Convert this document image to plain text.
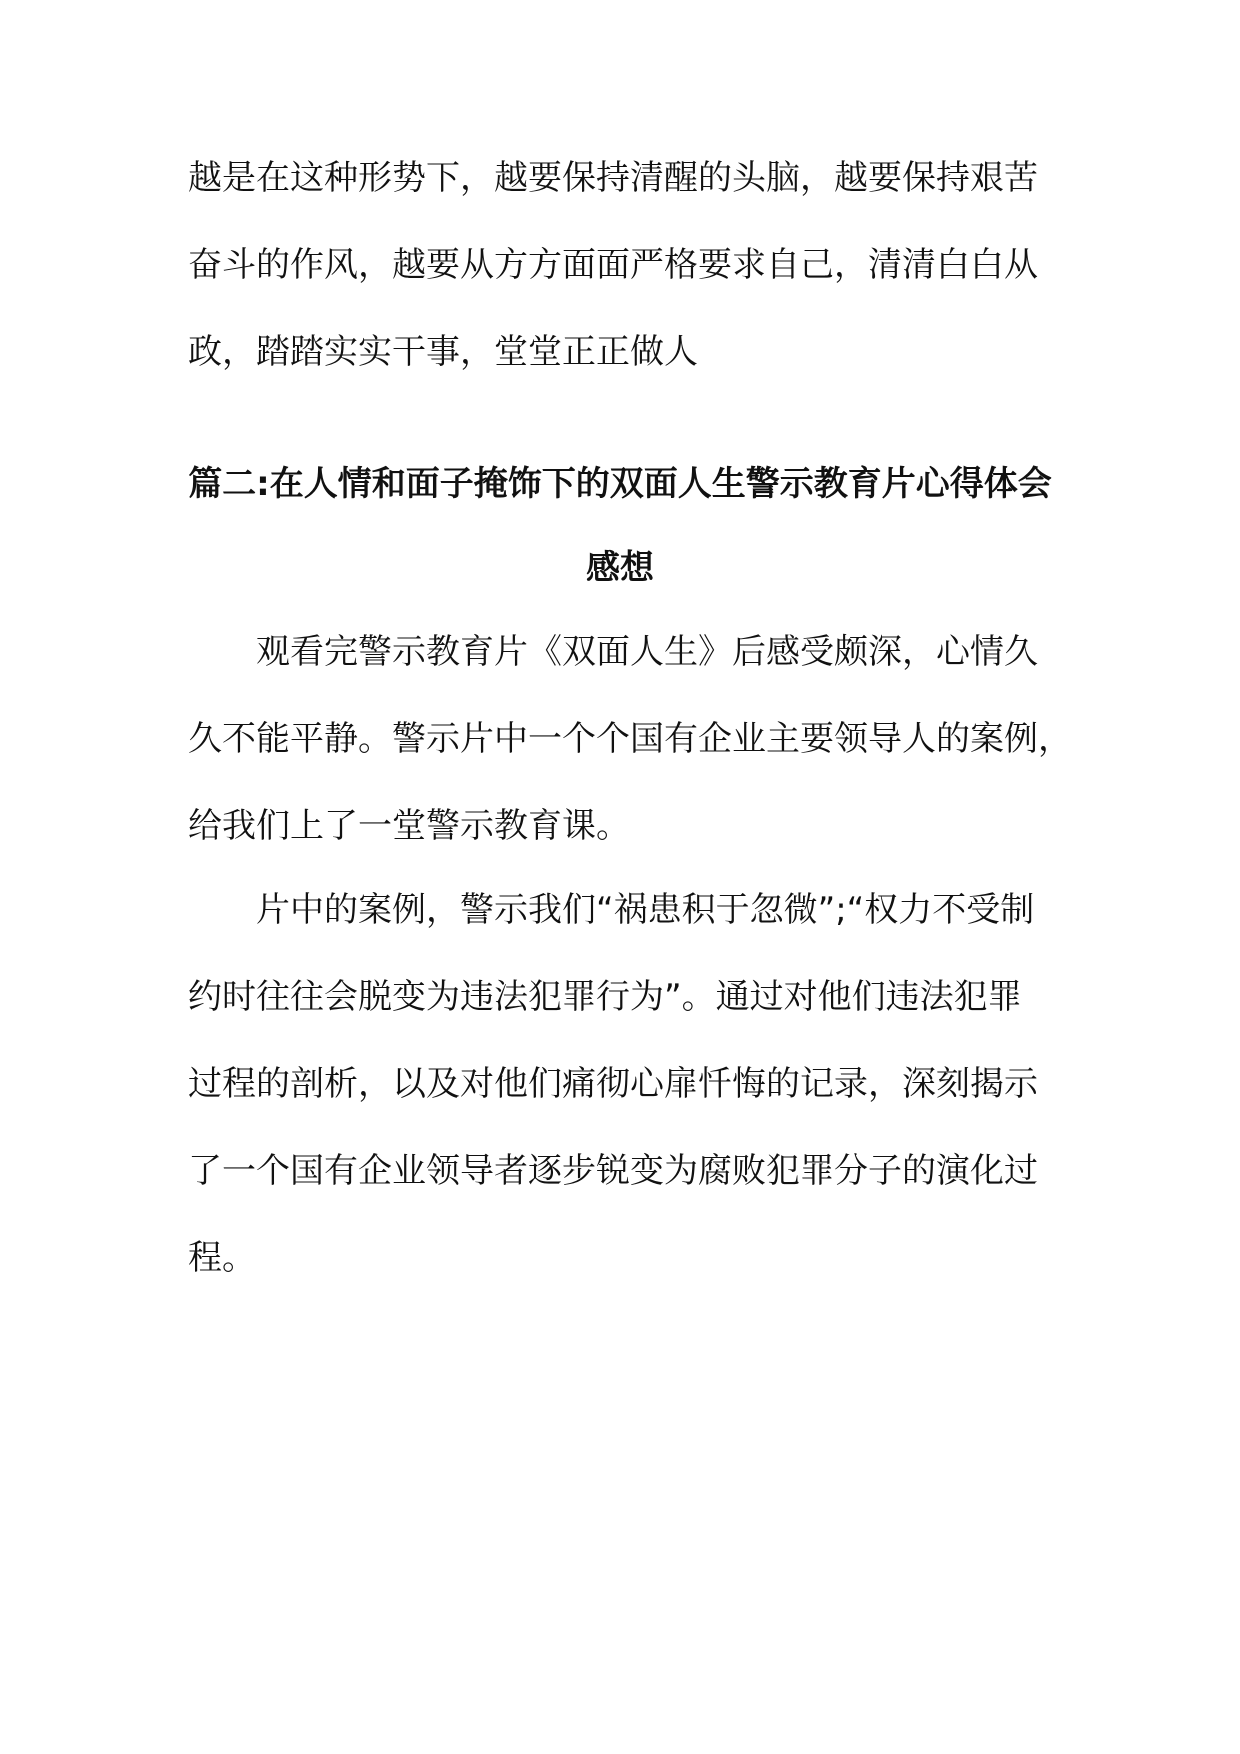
越是在这种形势下，越要保持清醒的头脑，越要保持艰苦
奋斗的作风，越要从方方面面严格要求自己，清清白白从
政，踏踏实实干事，堂堂正正做人
篇二:在人情和面子掩饰下的双面人生警示教育片心得体会
感想
观看完警示教育片《双面人生》后感受颇深，心情久
久不能平静。警示片中一个个国有企业主要领导人的案例，
给我们上了一堂警示教育课。
片中的案例，警示我们“祸患积于忽微”;“权力不受制
约时往往会脱变为违法犯罪行为”。通过对他们违法犯罪
过程的剖析，以及对他们痛彻心扉忏悔的记录，深刻揭示
了一个国有企业领导者逐步锐变为腐败犯罪分子的演化过
程。
